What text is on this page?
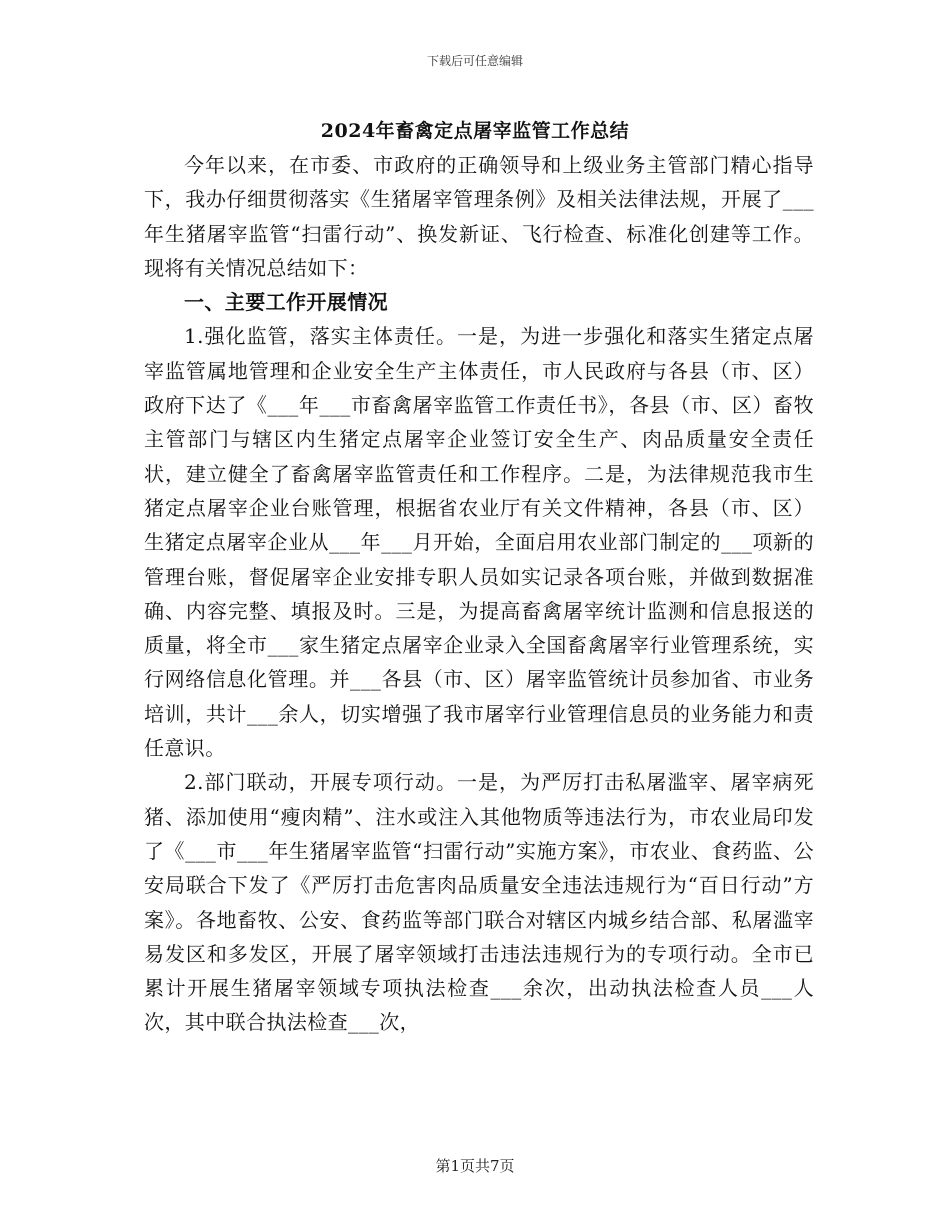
下载后可任意编辑
2024年畜禽定点屠宰监管工作总结

今年以来，在市委、市政府的正确领导和上级业务主管部门精心指导下，我办仔细贯彻落实《生猪屠宰管理条例》及相关法律法规，开展了___年生猪屠宰监管“扫雷行动”、换发新证、飞行检查、标准化创建等工作。现将有关情况总结如下：

一、主要工作开展情况

1.强化监管，落实主体责任。一是，为进一步强化和落实生猪定点屠宰监管属地管理和企业安全生产主体责任，市人民政府与各县（市、区）政府下达了《___年___市畜禽屠宰监管工作责任书》，各县（市、区）畜牧主管部门与辖区内生猪定点屠宰企业签订安全生产、肉品质量安全责任状，建立健全了畜禽屠宰监管责任和工作程序。二是，为法律规范我市生猪定点屠宰企业台账管理，根据省农业厅有关文件精神，各县（市、区）生猪定点屠宰企业从___年___月开始，全面启用农业部门制定的___项新的管理台账，督促屠宰企业安排专职人员如实记录各项台账，并做到数据准确、内容完整、填报及时。三是，为提高畜禽屠宰统计监测和信息报送的质量，将全市___家生猪定点屠宰企业录入全国畜禽屠宰行业管理系统，实行网络信息化管理。并___各县（市、区）屠宰监管统计员参加省、市业务培训，共计___余人，切实增强了我市屠宰行业管理信息员的业务能力和责任意识。

2.部门联动，开展专项行动。一是，为严厉打击私屠滥宰、屠宰病死猪、添加使用“瘦肉精”、注水或注入其他物质等违法行为，市农业局印发了《___市___年生猪屠宰监管“扫雷行动”实施方案》，市农业、食药监、公安局联合下发了《严厉打击危害肉品质量安全违法违规行为“百日行动”方案》。各地畜牧、公安、食药监等部门联合对辖区内城乡结合部、私屠滥宰易发区和多发区，开展了屠宰领域打击违法违规行为的专项行动。全市已累计开展生猪屠宰领域专项执法检查___余次，出动执法检查人员___人次，其中联合执法检查___次，

第1页共7页
